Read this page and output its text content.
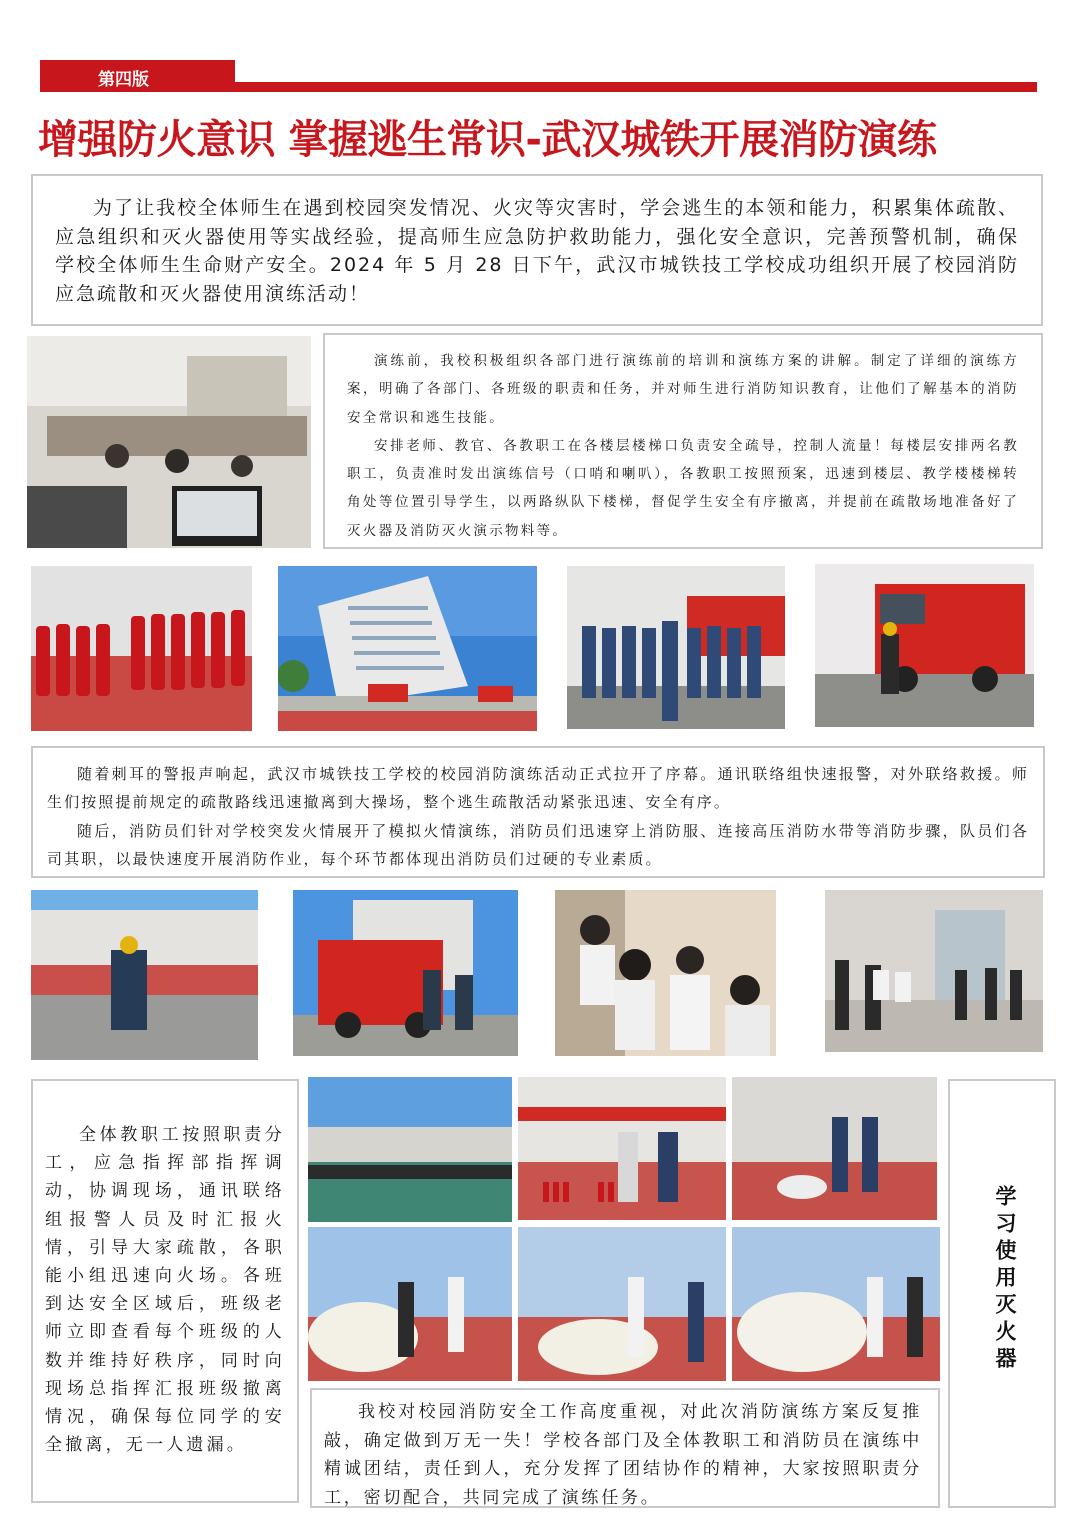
第四版
增强防火意识 掌握逃生常识-武汉城铁开展消防演练

为了让我校全体师生在遇到校园突发情况、火灾等灾害时，学会逃生的本领和能力，积累集体疏散、应急组织和灭火器使用等实战经验，提高师生应急防护救助能力，强化安全意识，完善预警机制，确保学校全体师生生命财产安全。2024 年 5 月 28 日下午，武汉市城铁技工学校成功组织开展了校园消防应急疏散和灭火器使用演练活动！

演练前，我校积极组织各部门进行演练前的培训和演练方案的讲解。制定了详细的演练方案，明确了各部门、各班级的职责和任务，并对师生进行消防知识教育，让他们了解基本的消防安全常识和逃生技能。

安排老师、教官、各教职工在各楼层楼梯口负责安全疏导，控制人流量！每楼层安排两名教职工，负责准时发出演练信号（口哨和喇叭），各教职工按照预案，迅速到楼层、教学楼楼梯转角处等位置引导学生，以两路纵队下楼梯，督促学生安全有序撤离，并提前在疏散场地准备好了灭火器及消防灭火演示物料等。

随着刺耳的警报声响起，武汉市城铁技工学校的校园消防演练活动正式拉开了序幕。通讯联络组快速报警，对外联络救援。师生们按照提前规定的疏散路线迅速撤离到大操场，整个逃生疏散活动紧张迅速、安全有序。

随后，消防员们针对学校突发火情展开了模拟火情演练，消防员们迅速穿上消防服、连接高压消防水带等消防步骤，队员们各司其职，以最快速度开展消防作业，每个环节都体现出消防员们过硬的专业素质。

全体教职工按照职责分工，应急指挥部指挥调动，协调现场，通讯联络组报警人员及时汇报火情，引导大家疏散，各职能小组迅速向火场。各班到达安全区域后，班级老师立即查看每个班级的人数并维持好秩序，同时向现场总指挥汇报班级撤离情况，确保每位同学的安全撤离，无一人遗漏。

我校对校园消防安全工作高度重视，对此次消防演练方案反复推敲，确定做到万无一失！学校各部门及全体教职工和消防员在演练中精诚团结，责任到人，充分发挥了团结协作的精神，大家按照职责分工，密切配合，共同完成了演练任务。

学习使用灭火器
